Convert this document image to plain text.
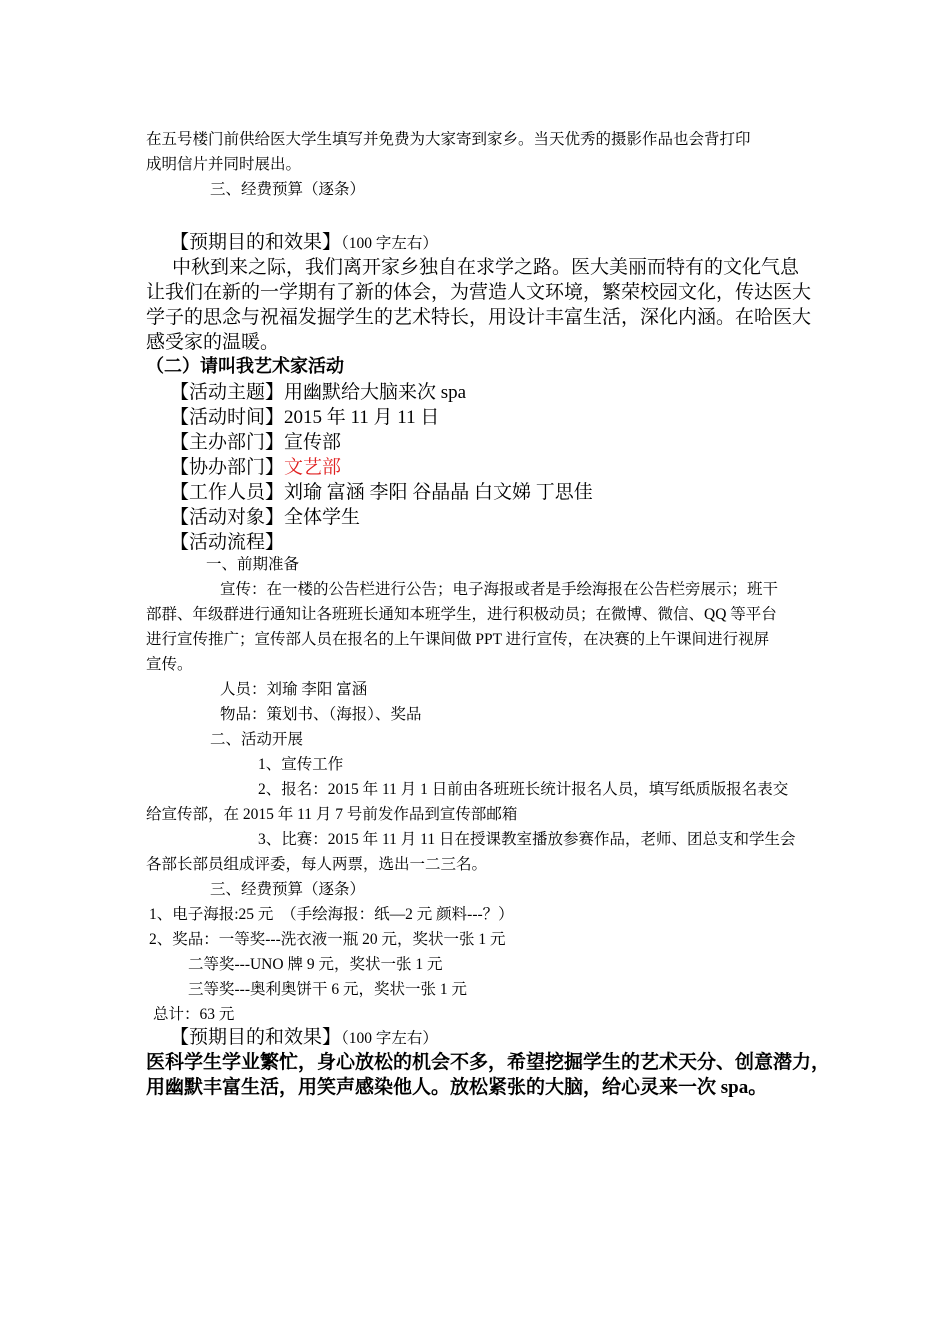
在五号楼门前供给医大学生填写并免费为大家寄到家乡。当天优秀的摄影作品也会背打印
成明信片并同时展出。
三、经费预算（逐条）
【预期目的和效果】（100 字左右）
中秋到来之际，我们离开家乡独自在求学之路。医大美丽而特有的文化气息
让我们在新的一学期有了新的体会，为营造人文环境，繁荣校园文化，传达医大
学子的思念与祝福发掘学生的艺术特长，用设计丰富生活，深化内涵。在哈医大
感受家的温暖。
（二）请叫我艺术家活动
【活动主题】用幽默给大脑来次 spa
【活动时间】2015 年 11 月 11 日
【主办部门】宣传部
【协办部门】文艺部
【工作人员】刘瑜 富涵 李阳 谷晶晶 白文娣 丁思佳
【活动对象】全体学生
【活动流程】
一、前期准备
宣传：在一楼的公告栏进行公告；电子海报或者是手绘海报在公告栏旁展示；班干
部群、年级群进行通知让各班班长通知本班学生，进行积极动员；在微博、微信、QQ 等平台
进行宣传推广；宣传部人员在报名的上午课间做 PPT 进行宣传，在决赛的上午课间进行视屏
宣传。
人员：刘瑜 李阳 富涵
物品：策划书、（海报）、奖品
二、活动开展
1、宣传工作
2、报名：2015 年 11 月 1 日前由各班班长统计报名人员，填写纸质版报名表交
给宣传部，在 2015 年 11 月 7 号前发作品到宣传部邮箱
3、比赛：2015 年 11 月 11 日在授课教室播放参赛作品，老师、团总支和学生会
各部长部员组成评委，每人两票，选出一二三名。
三、经费预算（逐条）
1、电子海报:25 元　（手绘海报：纸—2 元 颜料---？）
2、奖品：一等奖---洗衣液一瓶 20 元，奖状一张 1 元
二等奖---UNO 牌 9 元，奖状一张 1 元
三等奖---奥利奥饼干 6 元，奖状一张 1 元
总计：63 元
【预期目的和效果】（100 字左右）
医科学生学业繁忙，身心放松的机会不多，希望挖掘学生的艺术天分、创意潜力，
用幽默丰富生活，用笑声感染他人。放松紧张的大脑，给心灵来一次 spa。
